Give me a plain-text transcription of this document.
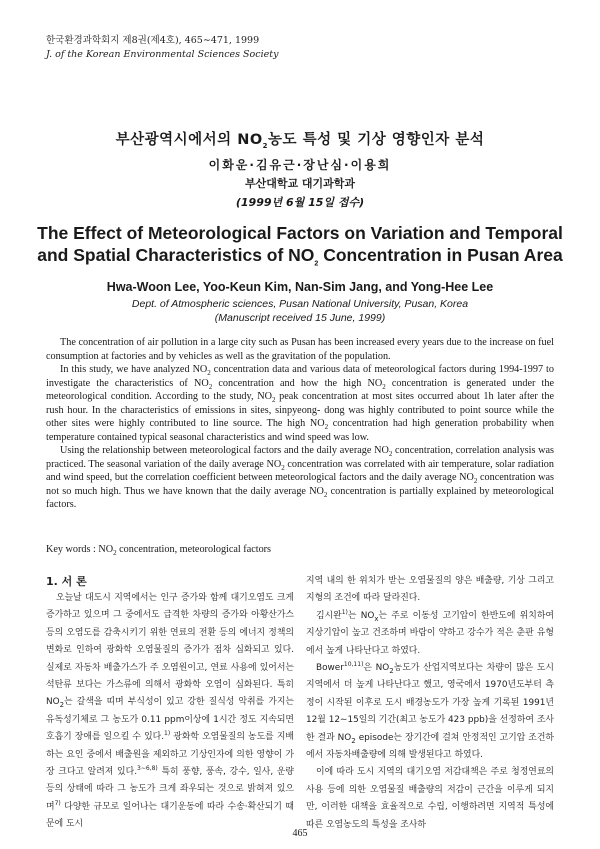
한국환경과학회지 제8권(제4호), 465∼471, 1999
J. of the Korean Environmental Sciences Society
부산광역시에서의 $NO_2$농도 특성 및 기상 영향인자 분석
이화운·김유근·장난심·이용희
부산대학교 대기과학과
(1999년 6월 15일 접수)
The Effect of Meteorological Factors on Variation and Temporal
and Spatial Characteristics of $NO_2$ Concentration in Pusan Area
Hwa-Woon Lee, Yoo-Keun Kim, Nan-Sim Jang, and Yong-Hee Lee
Dept. of Atmospheric sciences, Pusan National University, Pusan, Korea
(Manuscript received 15 June, 1999)

The concentration of air pollution in a large city such as Pusan has been increased every years due to the increase on fuel consumption at factories and by vehicles as well as the gravitation of the population.

In this study, we have analyzed $NO_2$ concentration data and various data of meteorological factors during 1994-1997 to investigate the characteristics of $NO_2$ concentration and how the high $NO_2$ concentration is generated under the meteorological condition. According to the study, $NO_2$ peak concentration at most sites occurred about 1h later after the rush hour. In the characteristics of emissions in sites, sinpyeong- dong was highly contributed to point source while the other sites were highly contributed to line source. The high $NO_2$ concentration had high generation probability when temperature contained typical seasonal characteristics and wind speed was low.

Using the relationship between meteorological factors and the daily average $NO_2$ concentration, correlation analysis was practiced. The seasonal variation of the daily average $NO_2$ concentration was correlated with air temperature, solar radiation and wind speed, but the correlation coefficient between meteorological factors and the daily average $NO_2$ concentration was not so much high. Thus we have known that the daily average $NO_2$ concentration is partially explained by meteorological factors.

Key words : $NO_2$ concentration, meteorological factors

1. 서 론

오늘날 대도시 지역에서는 인구 증가와 함께 대기오염도 크게 증가하고 있으며 그 중에서도 급격한 차량의 증가와 아황산가스 등의 오염도를 감축시키기 위한 연료의 전환 등의 에너지 정책의 변화로 인하여 광화학 오염물질의 증가가 점차 심화되고 있다. 실제로 자동차 배출가스가 주 오염원이고, 연료 사용에 있어서는 석탄류 보다는 가스류에 의해서 광화학 오염이 심화된다. 특히 $NO_2$는 갈색을 띠며 부식성이 있고 강한 질식성 악취를 가지는 유독성기체로 그 농도가 0.11 ppm이상에 1시간 정도 지속되면 호흡기 장애를 일으킬 수 있다.$^{1)}$ 광화학 오염물질의 농도를 지배하는 요인 중에서 배출원을 제외하고 기상인자에 의한 영향이 가장 크다고 알려져 있다.$^{3\sim 6,8)}$ 특히 풍향, 풍속, 강수, 일사, 운량 등의 상태에 따라 그 농도가 크게 좌우되는 것으로 밝혀져 있으며$^{7)}$ 다양한 규모로 일어나는 대기운동에 따라 수송·확산되기 때문에 도시

지역 내의 한 위치가 받는 오염물질의 양은 배출량, 기상 그리고 지형의 조건에 따라 달라진다.

김시완$^{1)}$는 $NO_x$는 주로 이동성 고기압이 한반도에 위치하여 지상기압이 높고 건조하며 바람이 약하고 강수가 적은 춘판 유형에서 높게 나타난다고 하였다.

Bower$^{10,11)}$은 $NO_2$농도가 산업지역보다는 차량이 많은 도시지역에서 더 높게 나타난다고 했고, 영국에서 1970년도부터 측정이 시작된 이후로 도시 배경농도가 가장 높게 기록된 1991년 12월 12∼15일의 기간(최고 농도가 423 ppb)을 선정하여 조사한 결과 $NO_2$ episode는 장기간에 걸쳐 안정적인 고기압 조건하에서 자동차배출량에 의해 발생된다고 하였다.

이에 따라 도시 지역의 대기오염 저감대책은 주로 청정연료의 사용 등에 의한 오염물질 배출량의 저감이 근간을 이루게 되지만, 이러한 대책을 효율적으로 수립, 이행하려면 지역적 특성에 따른 오염농도의 특성을 조사하

465
